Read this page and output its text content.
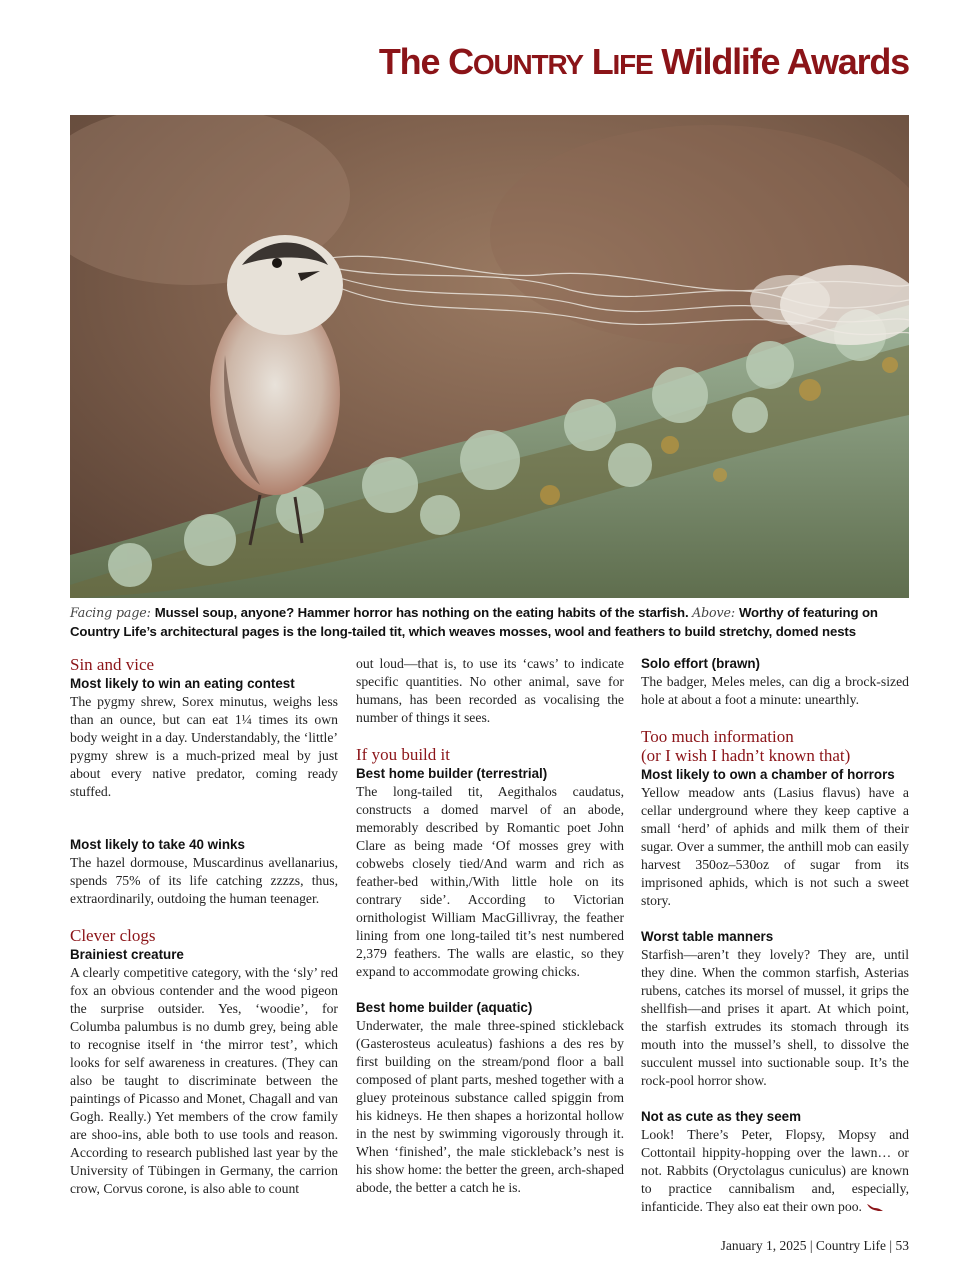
The COUNTRY LIFE Wildlife Awards
Facing page: Mussel soup, anyone? Hammer horror has nothing on the eating habits of the starfish. Above: Worthy of featuring on Country Life’s architectural pages is the long-tailed tit, which weaves mosses, wool and feathers to build stretchy, domed nests
Sin and vice
Most likely to win an eating contest

The pygmy shrew, Sorex minutus, weighs less than an ounce, but can eat 1¼ times its own body weight in a day. Understandably, the ‘little’ pygmy shrew is a much-prized meal by just about every native predator, coming ready stuffed.

Most likely to take 40 winks

The hazel dormouse, Muscardinus avellanarius, spends 75% of its life catching zzzzs, thus, extraordinarily, outdoing the human teenager.

Clever clogs
Brainiest creature

A clearly competitive category, with the ‘sly’ red fox an obvious contender and the wood pigeon the surprise outsider. Yes, ‘woodie’, for Columba palumbus is no dumb grey, being able to recognise itself in ‘the mirror test’, which looks for self awareness in creatures. (They can also be taught to discriminate between the paintings of Picasso and Monet, Chagall and van Gogh. Really.) Yet members of the crow family are shoo-ins, able both to use tools and reason. According to research published last year by the University of Tübingen in Germany, the carrion crow, Corvus corone, is also able to count

out loud—that is, to use its ‘caws’ to indicate specific quantities. No other animal, save for humans, has been recorded as vocalising the number of things it sees.

If you build it
Best home builder (terrestrial)

The long-tailed tit, Aegithalos caudatus, constructs a domed marvel of an abode, memorably described by Romantic poet John Clare as being made ‘Of mosses grey with cobwebs closely tied/And warm and rich as feather-bed within,/With little hole on its contrary side’. According to Victorian ornithologist William MacGillivray, the feather lining from one long-tailed tit’s nest numbered 2,379 feathers. The walls are elastic, so they expand to accommodate growing chicks.

Best home builder (aquatic)

Underwater, the male three-spined stickleback (Gasterosteus aculeatus) fashions a des res by first building on the stream/pond floor a ball composed of plant parts, meshed together with a gluey proteinous substance called spiggin from his kidneys. He then shapes a horizontal hollow in the nest by swimming vigorously through it. When ‘finished’, the male stickleback’s nest is his show home: the better the green, arch-shaped abode, the better a catch he is.

Solo effort (brawn)

The badger, Meles meles, can dig a brock-sized hole at about a foot a minute: unearthly.

Too much information
(or I wish I hadn’t known that)
Most likely to own a chamber of horrors

Yellow meadow ants (Lasius flavus) have a cellar underground where they keep captive a small ‘herd’ of aphids and milk them of their sugar. Over a summer, the anthill mob can easily harvest 350oz–530oz of sugar from its imprisoned aphids, which is not such a sweet story.

Worst table manners

Starfish—aren’t they lovely? They are, until they dine. When the common starfish, Asterias rubens, catches its morsel of mussel, it grips the shellfish—and prises it apart. At which point, the starfish extrudes its stomach through its mouth into the mussel’s shell, to dissolve the succulent mussel into suctionable soup. It’s the rock-pool horror show.

Not as cute as they seem

Look! There’s Peter, Flopsy, Mopsy and Cottontail hippity-hopping over the lawn… or not. Rabbits (Oryctolagus cuniculus) are known to practice cannibalism and, especially, infanticide. They also eat their own poo.

January 1, 2025 | Country Life | 53
